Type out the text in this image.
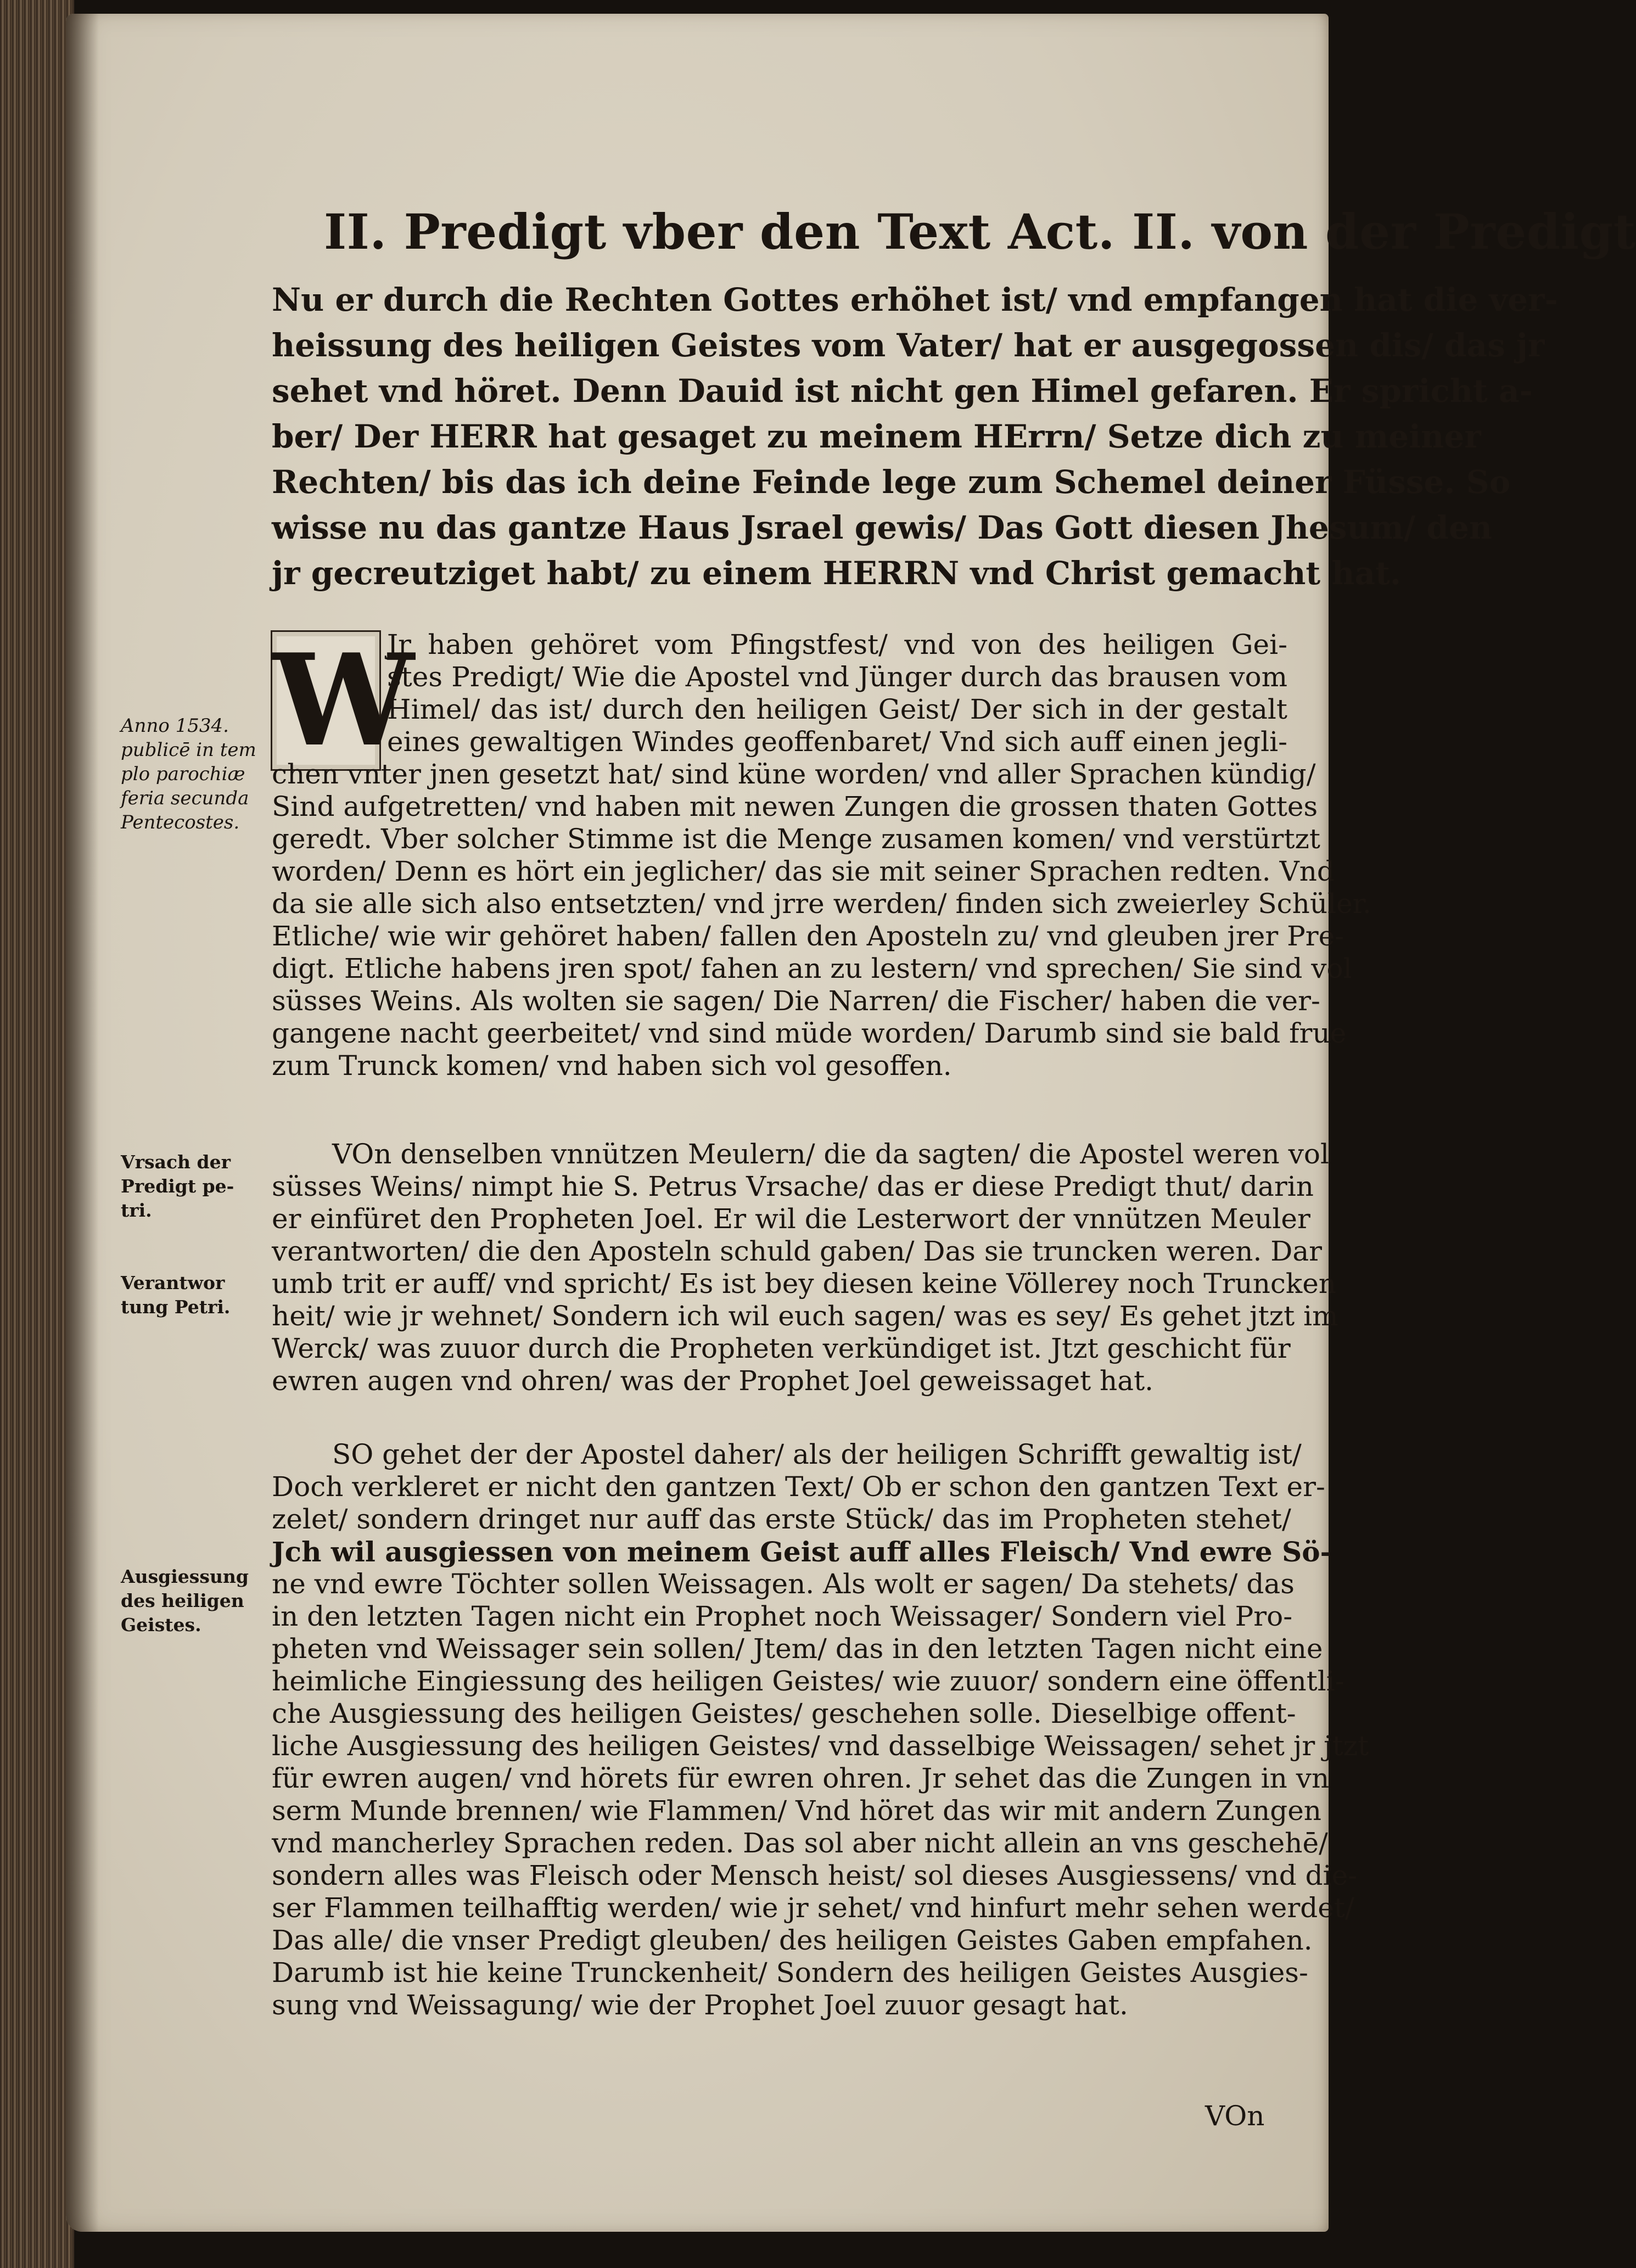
II. Predigt vber den Text Act. II. von der Predigt
Nu er durch die Rechten Gottes erhöhet ist/ vnd empfangen hat die ver-
heissung des heiligen Geistes vom Vater/ hat er ausgegossen dis/ das jr
sehet vnd höret. Denn Dauid ist nicht gen Himel gefaren. Er spricht a-
ber/ Der HERR hat gesaget zu meinem HErrn/ Setze dich zu meiner
Rechten/ bis das ich deine Feinde lege zum Schemel deiner Füsse. So
wisse nu das gantze Haus Jsrael gewis/ Das Gott diesen Jhesum/ den
jr gecreutziget habt/ zu einem HERRN vnd Christ gemacht hat.
W
Jr haben gehöret vom Pfingstfest/ vnd von des heiligen Gei-
stes Predigt/ Wie die Apostel vnd Jünger durch das brausen vom
Himel/ das ist/ durch den heiligen Geist/ Der sich in der gestalt
eines gewaltigen Windes geoffenbaret/ Vnd sich auff einen jegli-
chen vnter jnen gesetzt hat/ sind küne worden/ vnd aller Sprachen kündig/
Sind aufgetretten/ vnd haben mit newen Zungen die grossen thaten Gottes
geredt. Vber solcher Stimme ist die Menge zusamen komen/ vnd verstürtzt
worden/ Denn es hört ein jeglicher/ das sie mit seiner Sprachen redten. Vnd
da sie alle sich also entsetzten/ vnd jrre werden/ finden sich zweierley Schüler.
Etliche/ wie wir gehöret haben/ fallen den Aposteln zu/ vnd gleuben jrer Pre-
digt. Etliche habens jren spot/ fahen an zu lestern/ vnd sprechen/ Sie sind vol
süsses Weins. Als wolten sie sagen/ Die Narren/ die Fischer/ haben die ver-
gangene nacht geerbeitet/ vnd sind müde worden/ Darumb sind sie bald frue
zum Trunck komen/ vnd haben sich vol gesoffen.
VOn denselben vnnützen Meulern/ die da sagten/ die Apostel weren vol
süsses Weins/ nimpt hie S. Petrus Vrsache/ das er diese Predigt thut/ darin
er einfüret den Propheten Joel. Er wil die Lesterwort der vnnützen Meuler
verantworten/ die den Aposteln schuld gaben/ Das sie truncken weren. Dar
umb trit er auff/ vnd spricht/ Es ist bey diesen keine Völlerey noch Truncken
heit/ wie jr wehnet/ Sondern ich wil euch sagen/ was es sey/ Es gehet jtzt im
Werck/ was zuuor durch die Propheten verkündiget ist. Jtzt geschicht für
ewren augen vnd ohren/ was der Prophet Joel geweissaget hat.
SO gehet der der Apostel daher/ als der heiligen Schrifft gewaltig ist/
Doch verkleret er nicht den gantzen Text/ Ob er schon den gantzen Text er-
zelet/ sondern dringet nur auff das erste Stück/ das im Propheten stehet/
Jch wil ausgiessen von meinem Geist auff alles Fleisch/ Vnd ewre Sö-
ne vnd ewre Töchter sollen Weissagen. Als wolt er sagen/ Da stehets/ das
in den letzten Tagen nicht ein Prophet noch Weissager/ Sondern viel Pro-
pheten vnd Weissager sein sollen/ Jtem/ das in den letzten Tagen nicht eine
heimliche Eingiessung des heiligen Geistes/ wie zuuor/ sondern eine öffentli-
che Ausgiessung des heiligen Geistes/ geschehen solle. Dieselbige offent-
liche Ausgiessung des heiligen Geistes/ vnd dasselbige Weissagen/ sehet jr jtzt
für ewren augen/ vnd hörets für ewren ohren. Jr sehet das die Zungen in vn
serm Munde brennen/ wie Flammen/ Vnd höret das wir mit andern Zungen
vnd mancherley Sprachen reden. Das sol aber nicht allein an vns geschehē/
sondern alles was Fleisch oder Mensch heist/ sol dieses Ausgiessens/ vnd die-
ser Flammen teilhafftig werden/ wie jr sehet/ vnd hinfurt mehr sehen werdet/
Das alle/ die vnser Predigt gleuben/ des heiligen Geistes Gaben empfahen.
Darumb ist hie keine Trunckenheit/ Sondern des heiligen Geistes Ausgies-
sung vnd Weissagung/ wie der Prophet Joel zuuor gesagt hat.
Anno 1534.
publicē in tem
plo parochiæ
feria secunda
Pentecostes.
Vrsach der
Predigt pe-
tri.
Verantwor
tung Petri.
Ausgiessung
des heiligen
Geistes.
VOn
